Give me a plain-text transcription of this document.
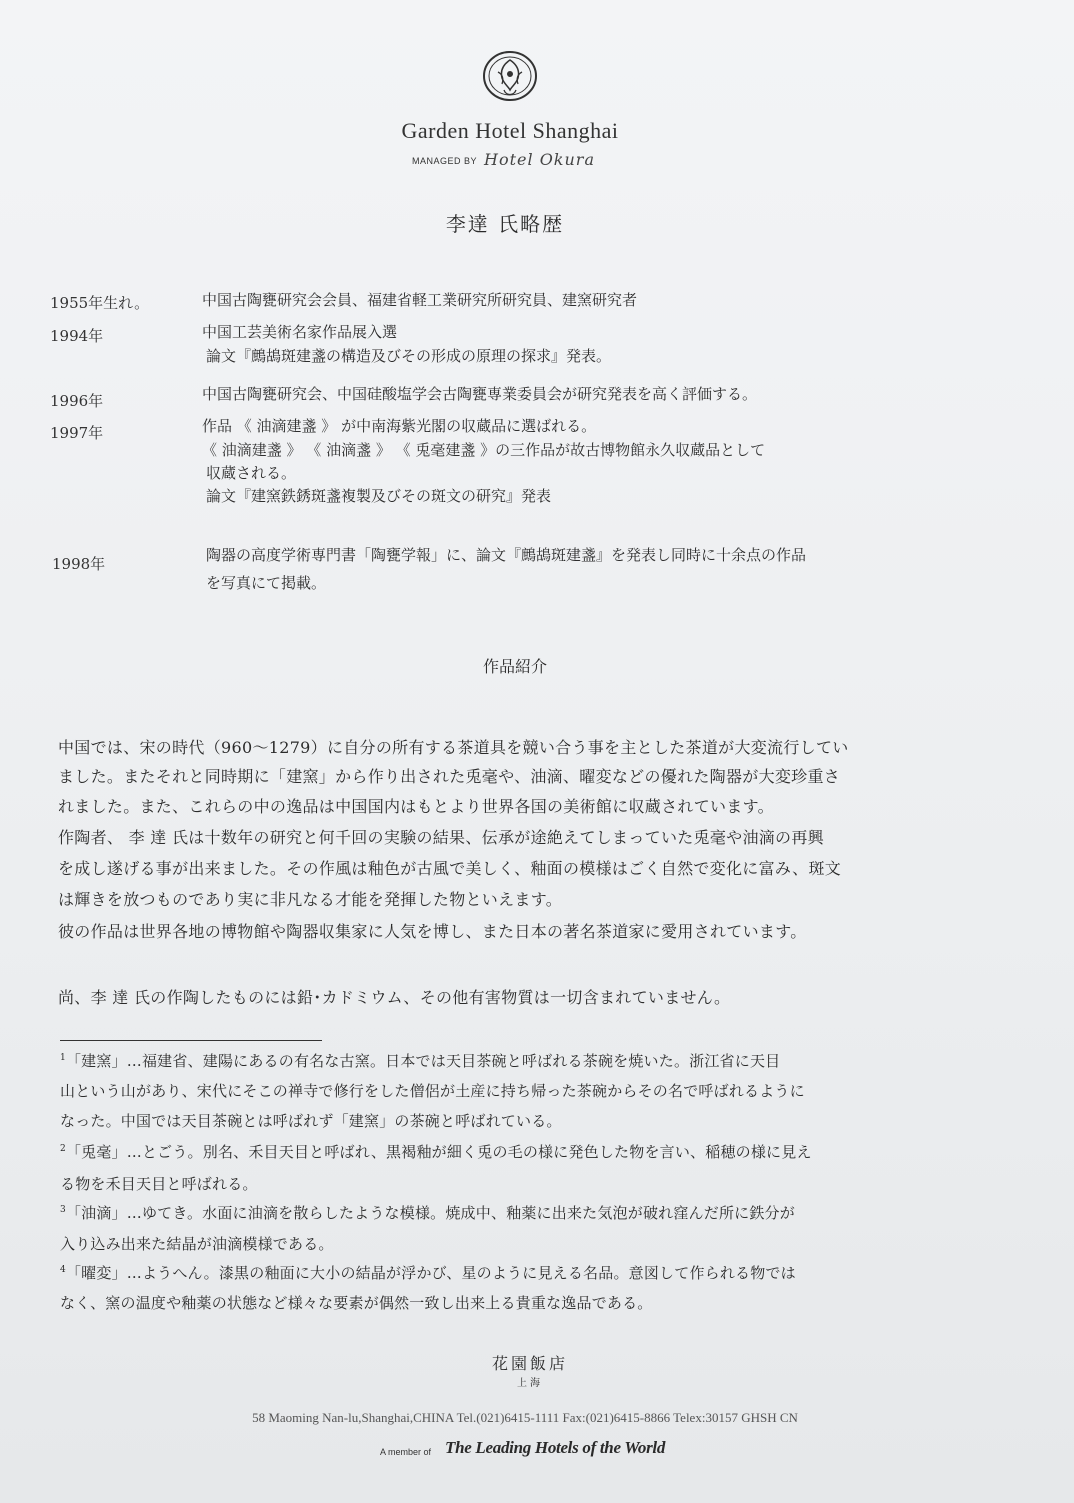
Garden Hotel Shanghai
MANAGED BY Hotel Okura
李達 氏略歴
1955年生れ。	中国古陶甕研究会会員、福建省軽工業研究所研究員、建窯研究者
1994年	中国工芸美術名家作品展入選
論文『鷓鴣斑建盞の構造及びその形成の原理の探求』発表。
1996年	中国古陶甕研究会、中国硅酸塩学会古陶甕専業委員会が研究発表を高く評価する。
1997年	作品 《 油滴建盞 》 が中南海紫光閣の収蔵品に選ばれる。
《 油滴建盞 》 《 油滴盞 》 《 兎毫建盞 》の三作品が故古博物館永久収蔵品として
収蔵される。
論文『建窯鉄銹斑盞複製及びその斑文の研究』発表
1998年	陶器の高度学術専門書「陶甕学報」に、論文『鷓鴣斑建盞』を発表し同時に十余点の作品
を写真にて掲載。
作品紹介
中国では、宋の時代（960〜1279）に自分の所有する茶道具を競い合う事を主とした茶道が大変流行してい
ました。またそれと同時期に「建窯」から作り出された兎毫や、油滴、曜変などの優れた陶器が大変珍重さ
れました。また、これらの中の逸品は中国国内はもとより世界各国の美術館に収蔵されています。
作陶者、 李 達 氏は十数年の研究と何千回の実験の結果、伝承が途絶えてしまっていた兎毫や油滴の再興
を成し遂げる事が出来ました。その作風は釉色が古風で美しく、釉面の模様はごく自然で変化に富み、斑文
は輝きを放つものであり実に非凡なる才能を発揮した物といえます。
彼の作品は世界各地の博物館や陶器収集家に人気を博し、また日本の著名茶道家に愛用されています。
尚、李 達 氏の作陶したものには鉛･カドミウム、その他有害物質は一切含まれていません。
$^1$「建窯」…福建省、建陽にあるの有名な古窯。日本では天目茶碗と呼ばれる茶碗を焼いた。浙江省に天目
山という山があり、宋代にそこの禅寺で修行をした僧侶が土産に持ち帰った茶碗からその名で呼ばれるように
なった。中国では天目茶碗とは呼ばれず「建窯」の茶碗と呼ばれている。
$^2$「兎毫」…とごう。別名、禾目天目と呼ばれ、黒褐釉が細く兎の毛の様に発色した物を言い、稲穂の様に見え
る物を禾目天目と呼ばれる。
$^3$「油滴」…ゆてき。水面に油滴を散らしたような模様。焼成中、釉薬に出来た気泡が破れ窪んだ所に鉄分が
入り込み出来た結晶が油滴模様である。
$^4$「曜変」…ようへん。漆黒の釉面に大小の結晶が浮かび、星のように見える名品。意図して作られる物では
なく、窯の温度や釉薬の状態など様々な要素が偶然一致し出来上る貴重な逸品である。
花園飯店
上海
58 Maoming Nan-lu,Shanghai,CHINA Tel.(021)6415-1111 Fax:(021)6415-8866 Telex:30157 GHSH CN
A member of The Leading Hotels of the World
